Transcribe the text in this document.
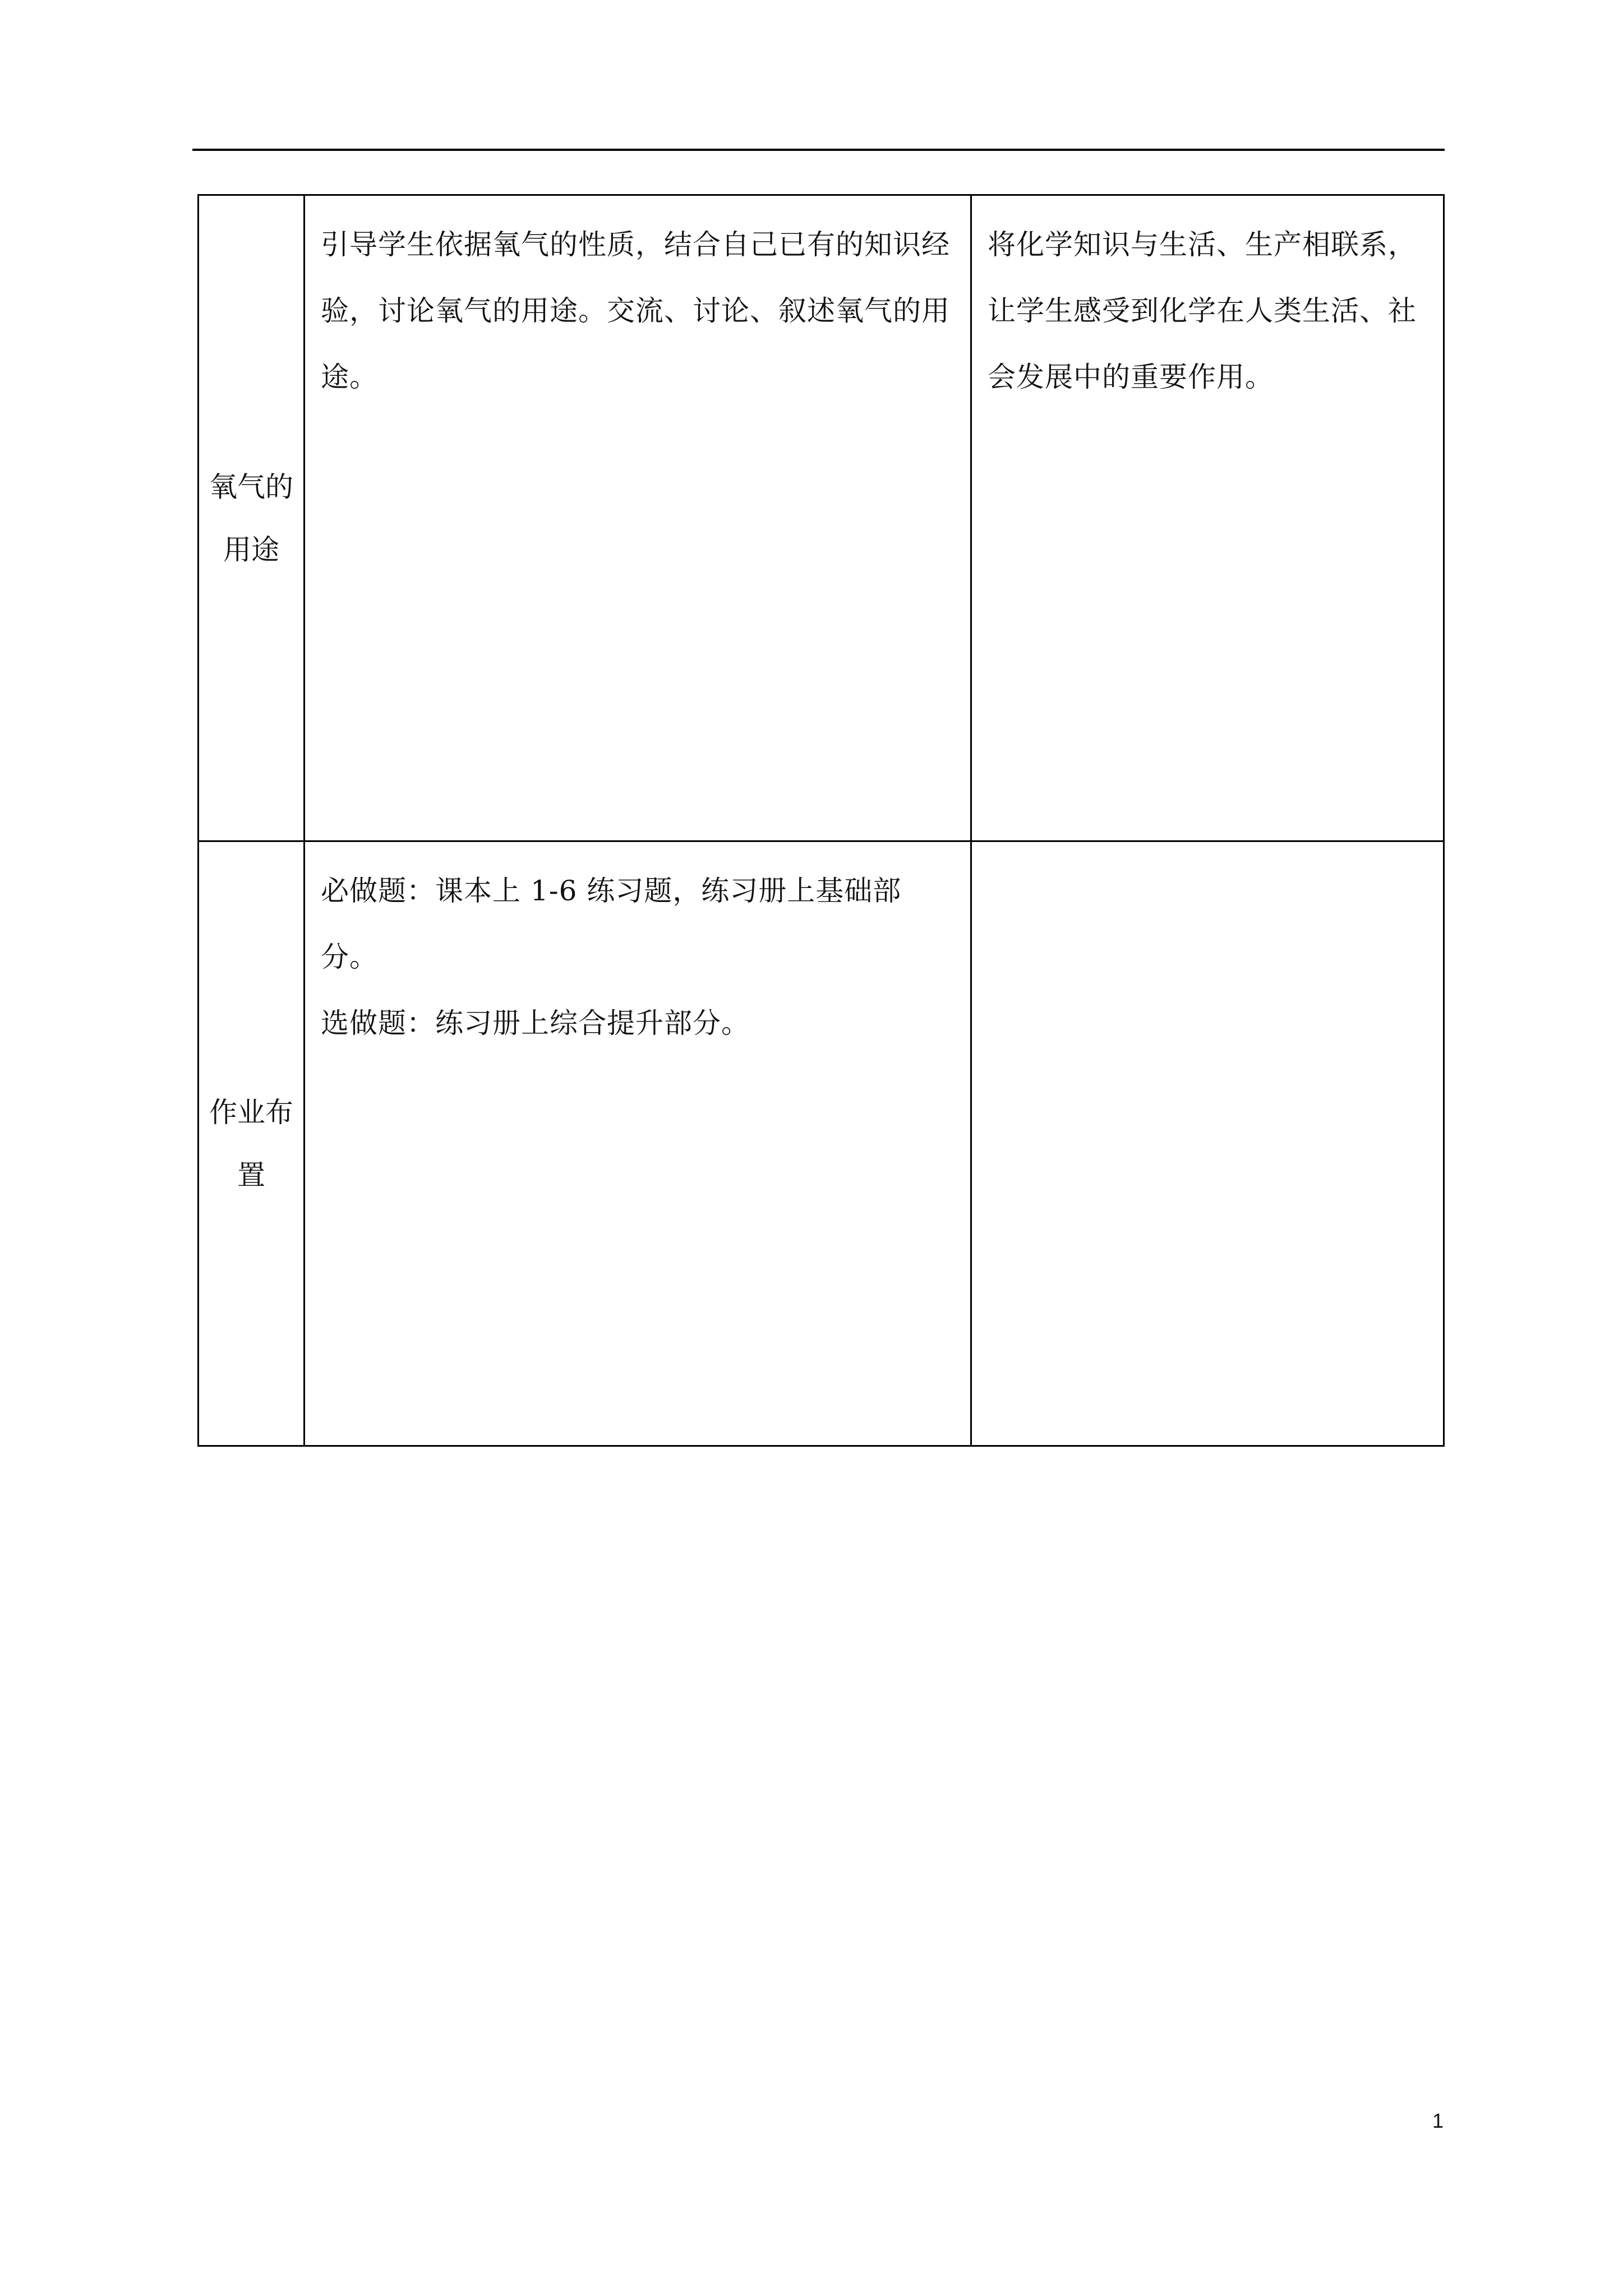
氧气的用途	引导学生依据氧气的性质，结合自己已有的知识经验，讨论氧气的用途。交流、讨论、叙述氧气的用途。	将化学知识与生活、生产相联系，让学生感受到化学在人类生活、社会发展中的重要作用。

作业布置	必做题：课本上 1-6 练习题，练习册上基础部分。
选做题：练习册上综合提升部分。	

1
